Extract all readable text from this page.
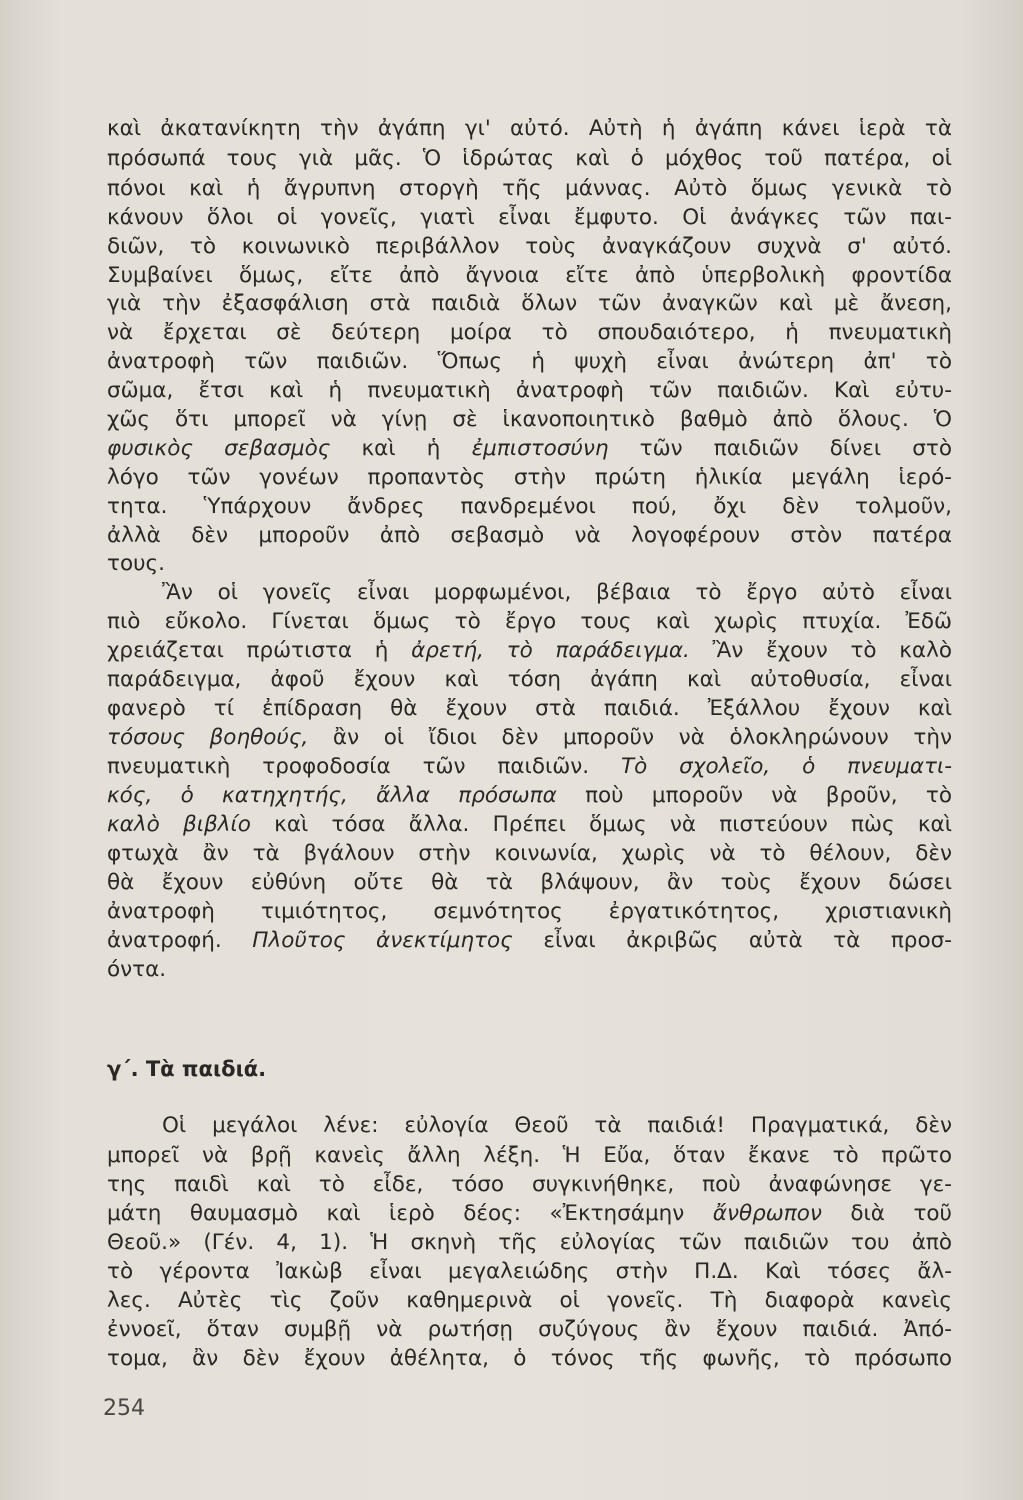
καὶ ἀκατανίκητη τὴν ἀγάπη γι' αὐτό. Αὐτὴ ἡ ἀγάπη κάνει ἱερὰ τὰ
πρόσωπά τους γιὰ μᾶς. Ὁ ἱδρώτας καὶ ὁ μόχθος τοῦ πατέρα, οἱ
πόνοι καὶ ἡ ἄγρυπνη στοργὴ τῆς μάννας. Αὐτὸ ὅμως γενικὰ τὸ
κάνουν ὅλοι οἱ γονεῖς, γιατὶ εἶναι ἔμφυτο. Οἱ ἀνάγκες τῶν παι-
διῶν, τὸ κοινωνικὸ περιβάλλον τοὺς ἀναγκάζουν συχνὰ σ' αὐτό.
Συμβαίνει ὅμως, εἴτε ἀπὸ ἄγνοια εἴτε ἀπὸ ὑπερβολικὴ φροντίδα
γιὰ τὴν ἐξασφάλιση στὰ παιδιὰ ὅλων τῶν ἀναγκῶν καὶ μὲ ἄνεση,
νὰ ἔρχεται σὲ δεύτερη μοίρα τὸ σπουδαιότερο, ἡ πνευματικὴ
ἀνατροφὴ τῶν παιδιῶν. Ὅπως ἡ ψυχὴ εἶναι ἀνώτερη ἀπ' τὸ
σῶμα, ἔτσι καὶ ἡ πνευματικὴ ἀνατροφὴ τῶν παιδιῶν. Καὶ εὐτυ-
χῶς ὅτι μπορεῖ νὰ γίνῃ σὲ ἱκανοποιητικὸ βαθμὸ ἀπὸ ὅλους. Ὁ
φυσικὸς σεβασμὸς καὶ ἡ ἐμπιστοσύνη τῶν παιδιῶν δίνει στὸ
λόγο τῶν γονέων προπαντὸς στὴν πρώτη ἡλικία μεγάλη ἱερό-
τητα. Ὑπάρχουν ἄνδρες πανδρεμένοι πού, ὄχι δὲν τολμοῦν,
ἀλλὰ δὲν μποροῦν ἀπὸ σεβασμὸ νὰ λογοφέρουν στὸν πατέρα
τους.
Ἂν οἱ γονεῖς εἶναι μορφωμένοι, βέβαια τὸ ἔργο αὐτὸ εἶναι
πιὸ εὔκολο. Γίνεται ὅμως τὸ ἔργο τους καὶ χωρὶς πτυχία. Ἐδῶ
χρειάζεται πρώτιστα ἡ ἀρετή, τὸ παράδειγμα. Ἂν ἔχουν τὸ καλὸ
παράδειγμα, ἀφοῦ ἔχουν καὶ τόση ἀγάπη καὶ αὐτοθυσία, εἶναι
φανερὸ τί ἐπίδραση θὰ ἔχουν στὰ παιδιά. Ἐξάλλου ἔχουν καὶ
τόσους βοηθούς, ἂν οἱ ἴδιοι δὲν μποροῦν νὰ ὁλοκληρώνουν τὴν
πνευματικὴ τροφοδοσία τῶν παιδιῶν. Τὸ σχολεῖο, ὁ πνευματι-
κός, ὁ κατηχητής, ἄλλα πρόσωπα ποὺ μποροῦν νὰ βροῦν, τὸ
καλὸ βιβλίο καὶ τόσα ἄλλα. Πρέπει ὅμως νὰ πιστεύουν πὼς καὶ
φτωχὰ ἂν τὰ βγάλουν στὴν κοινωνία, χωρὶς νὰ τὸ θέλουν, δὲν
θὰ ἔχουν εὐθύνη οὔτε θὰ τὰ βλάψουν, ἂν τοὺς ἔχουν δώσει
ἀνατροφὴ τιμιότητος, σεμνότητος ἐργατικότητος, χριστιανικὴ
ἀνατροφή. Πλοῦτος ἀνεκτίμητος εἶναι ἀκριβῶς αὐτὰ τὰ προσ-
όντα.
γ΄. Τὰ παιδιά.
Οἱ μεγάλοι λένε: εὐλογία Θεοῦ τὰ παιδιά! Πραγματικά, δὲν
μπορεῖ νὰ βρῇ κανεὶς ἄλλη λέξη. Ἡ Εὔα, ὅταν ἔκανε τὸ πρῶτο
της παιδὶ καὶ τὸ εἶδε, τόσο συγκινήθηκε, ποὺ ἀναφώνησε γε-
μάτη θαυμασμὸ καὶ ἱερὸ δέος: «Ἐκτησάμην ἄνθρωπον διὰ τοῦ
Θεοῦ.» (Γέν. 4, 1). Ἡ σκηνὴ τῆς εὐλογίας τῶν παιδιῶν του ἀπὸ
τὸ γέροντα Ἰακὼβ εἶναι μεγαλειώδης στὴν Π.Δ. Καὶ τόσες ἄλ-
λες. Αὐτὲς τὶς ζοῦν καθημερινὰ οἱ γονεῖς. Τὴ διαφορὰ κανεὶς
ἐννοεῖ, ὅταν συμβῇ νὰ ρωτήσῃ συζύγους ἂν ἔχουν παιδιά. Ἀπό-
τομα, ἂν δὲν ἔχουν ἀθέλητα, ὁ τόνος τῆς φωνῆς, τὸ πρόσωπο
254
